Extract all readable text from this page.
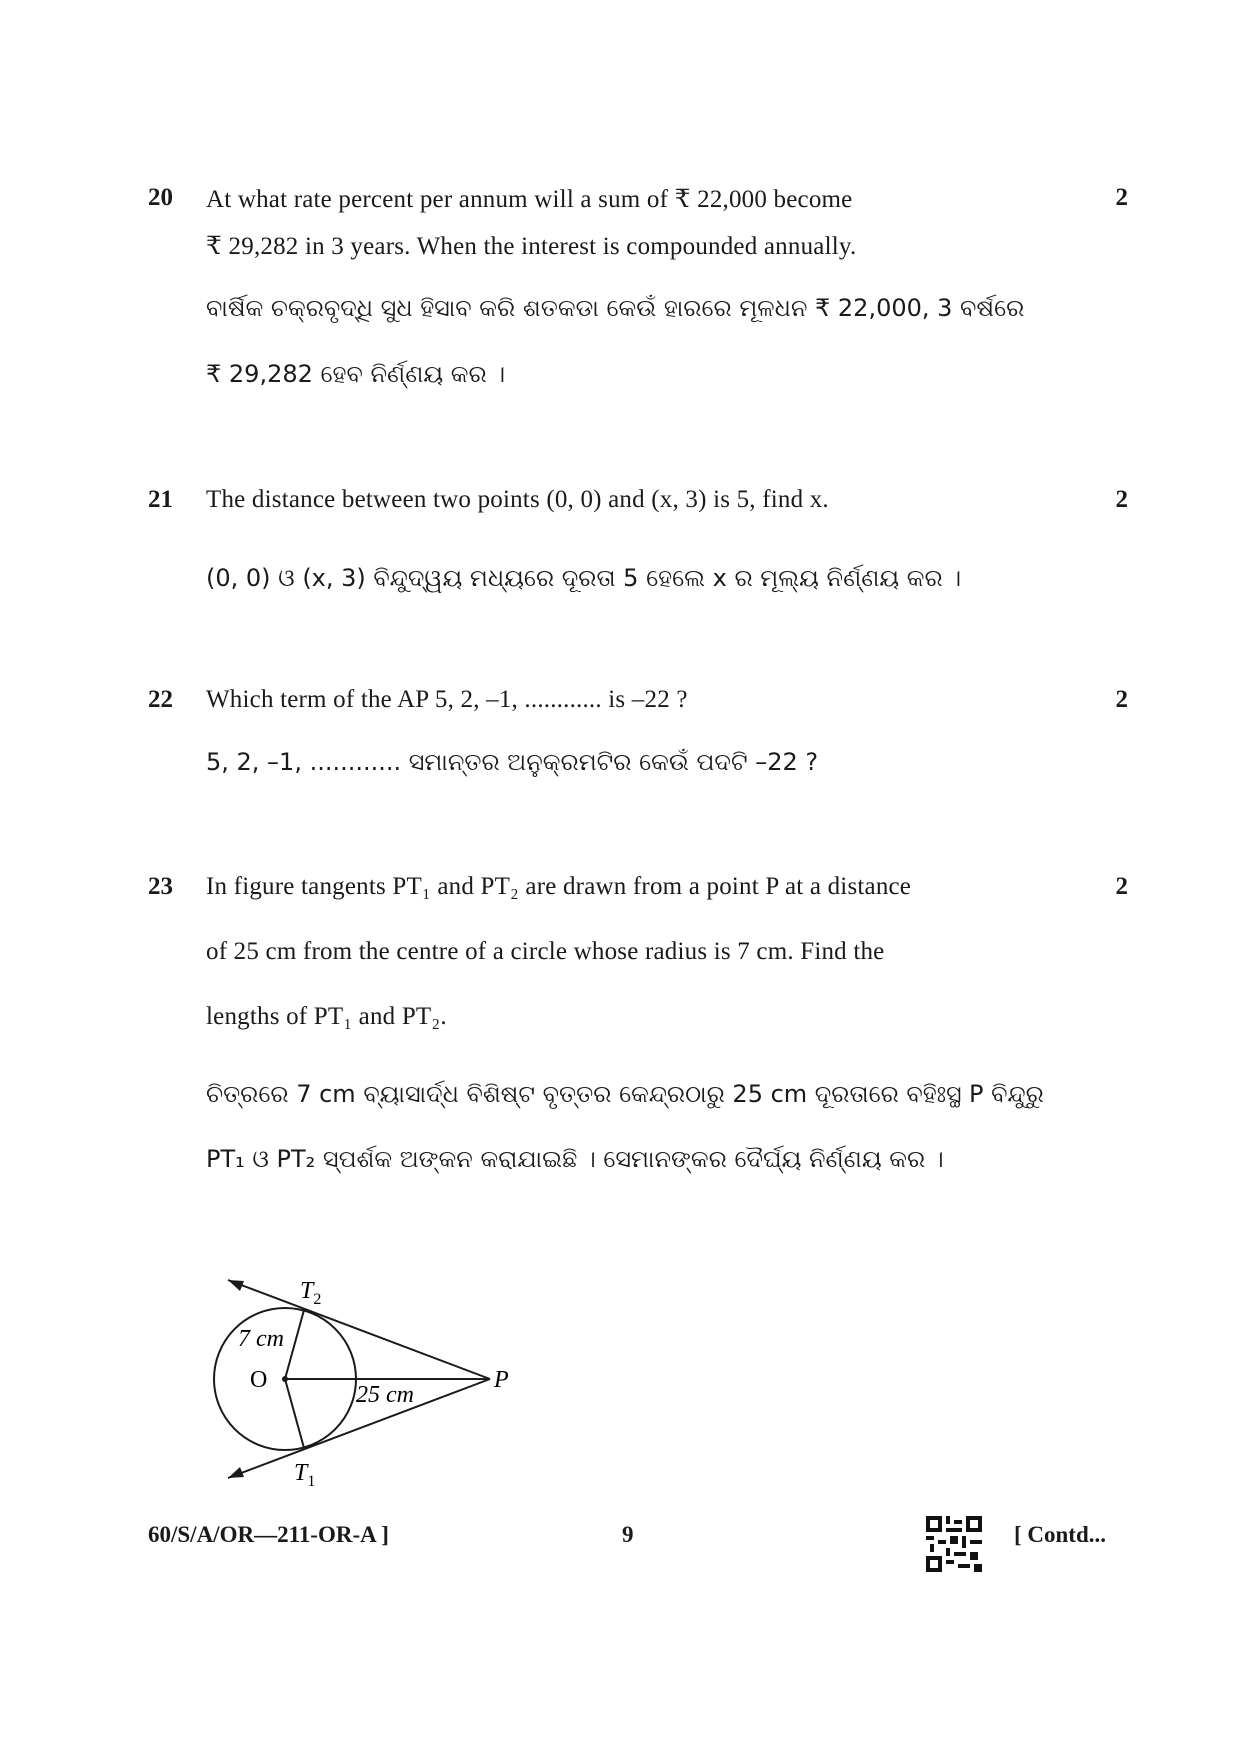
20	2
At what rate percent per annum will a sum of ₹ 22,000 become
₹ 29,282 in 3 years. When the interest is compounded annually.
ବାର୍ଷିକ ଚକ୍ରବୃଦ୍ଧି ସୁଧ ହିସାବ କରି ଶତକଡା କେଉଁ ହାରରେ ମୂଳଧନ ₹ 22,000, 3 ବର୍ଷରେ
₹ 29,282 ହେବ ନିର୍ଣ୍ଣୟ କର ।
21	2
The distance between two points (0, 0) and (x, 3) is 5, find x.
(0, 0) ଓ (x, 3) ବିନ୍ଦୁଦ୍ୱୟ ମଧ୍ୟରେ ଦୂରତା 5 ହେଲେ x ର ମୂଲ୍ୟ ନିର୍ଣ୍ଣୟ କର ।
22	2
Which term of the AP 5, 2, –1, ............ is –22 ?
5, 2, –1, ............ ସମାନ୍ତର ଅନୁକ୍ରମଟିର କେଉଁ ପଦଟି –22 ?
23	2
In figure tangents PT₁ and PT₂ are drawn from a point P at a distance
of 25 cm from the centre of a circle whose radius is 7 cm. Find the
lengths of PT₁ and PT₂.
ଚିତ୍ରରେ 7 cm ବ୍ୟାସାର୍ଦ୍ଧ ବିଶିଷ୍ଟ ବୃତ୍ତର କେନ୍ଦ୍ରଠାରୁ 25 cm ଦୂରତାରେ ବହିଃସ୍ଥ P ବିନ୍ଦୁରୁ
PT₁ ଓ PT₂ ସ୍ପର୍ଶକ ଅଙ୍କନ କରାଯାଇଛି । ସେମାନଙ୍କର ଦୈର୍ଘ୍ୟ ନିର୍ଣ୍ଣୟ କର ।
$T_2$
7 cm
O
25 cm
P
$T_1$
60/S/A/OR—211-OR-A ]	9	[ Contd...
